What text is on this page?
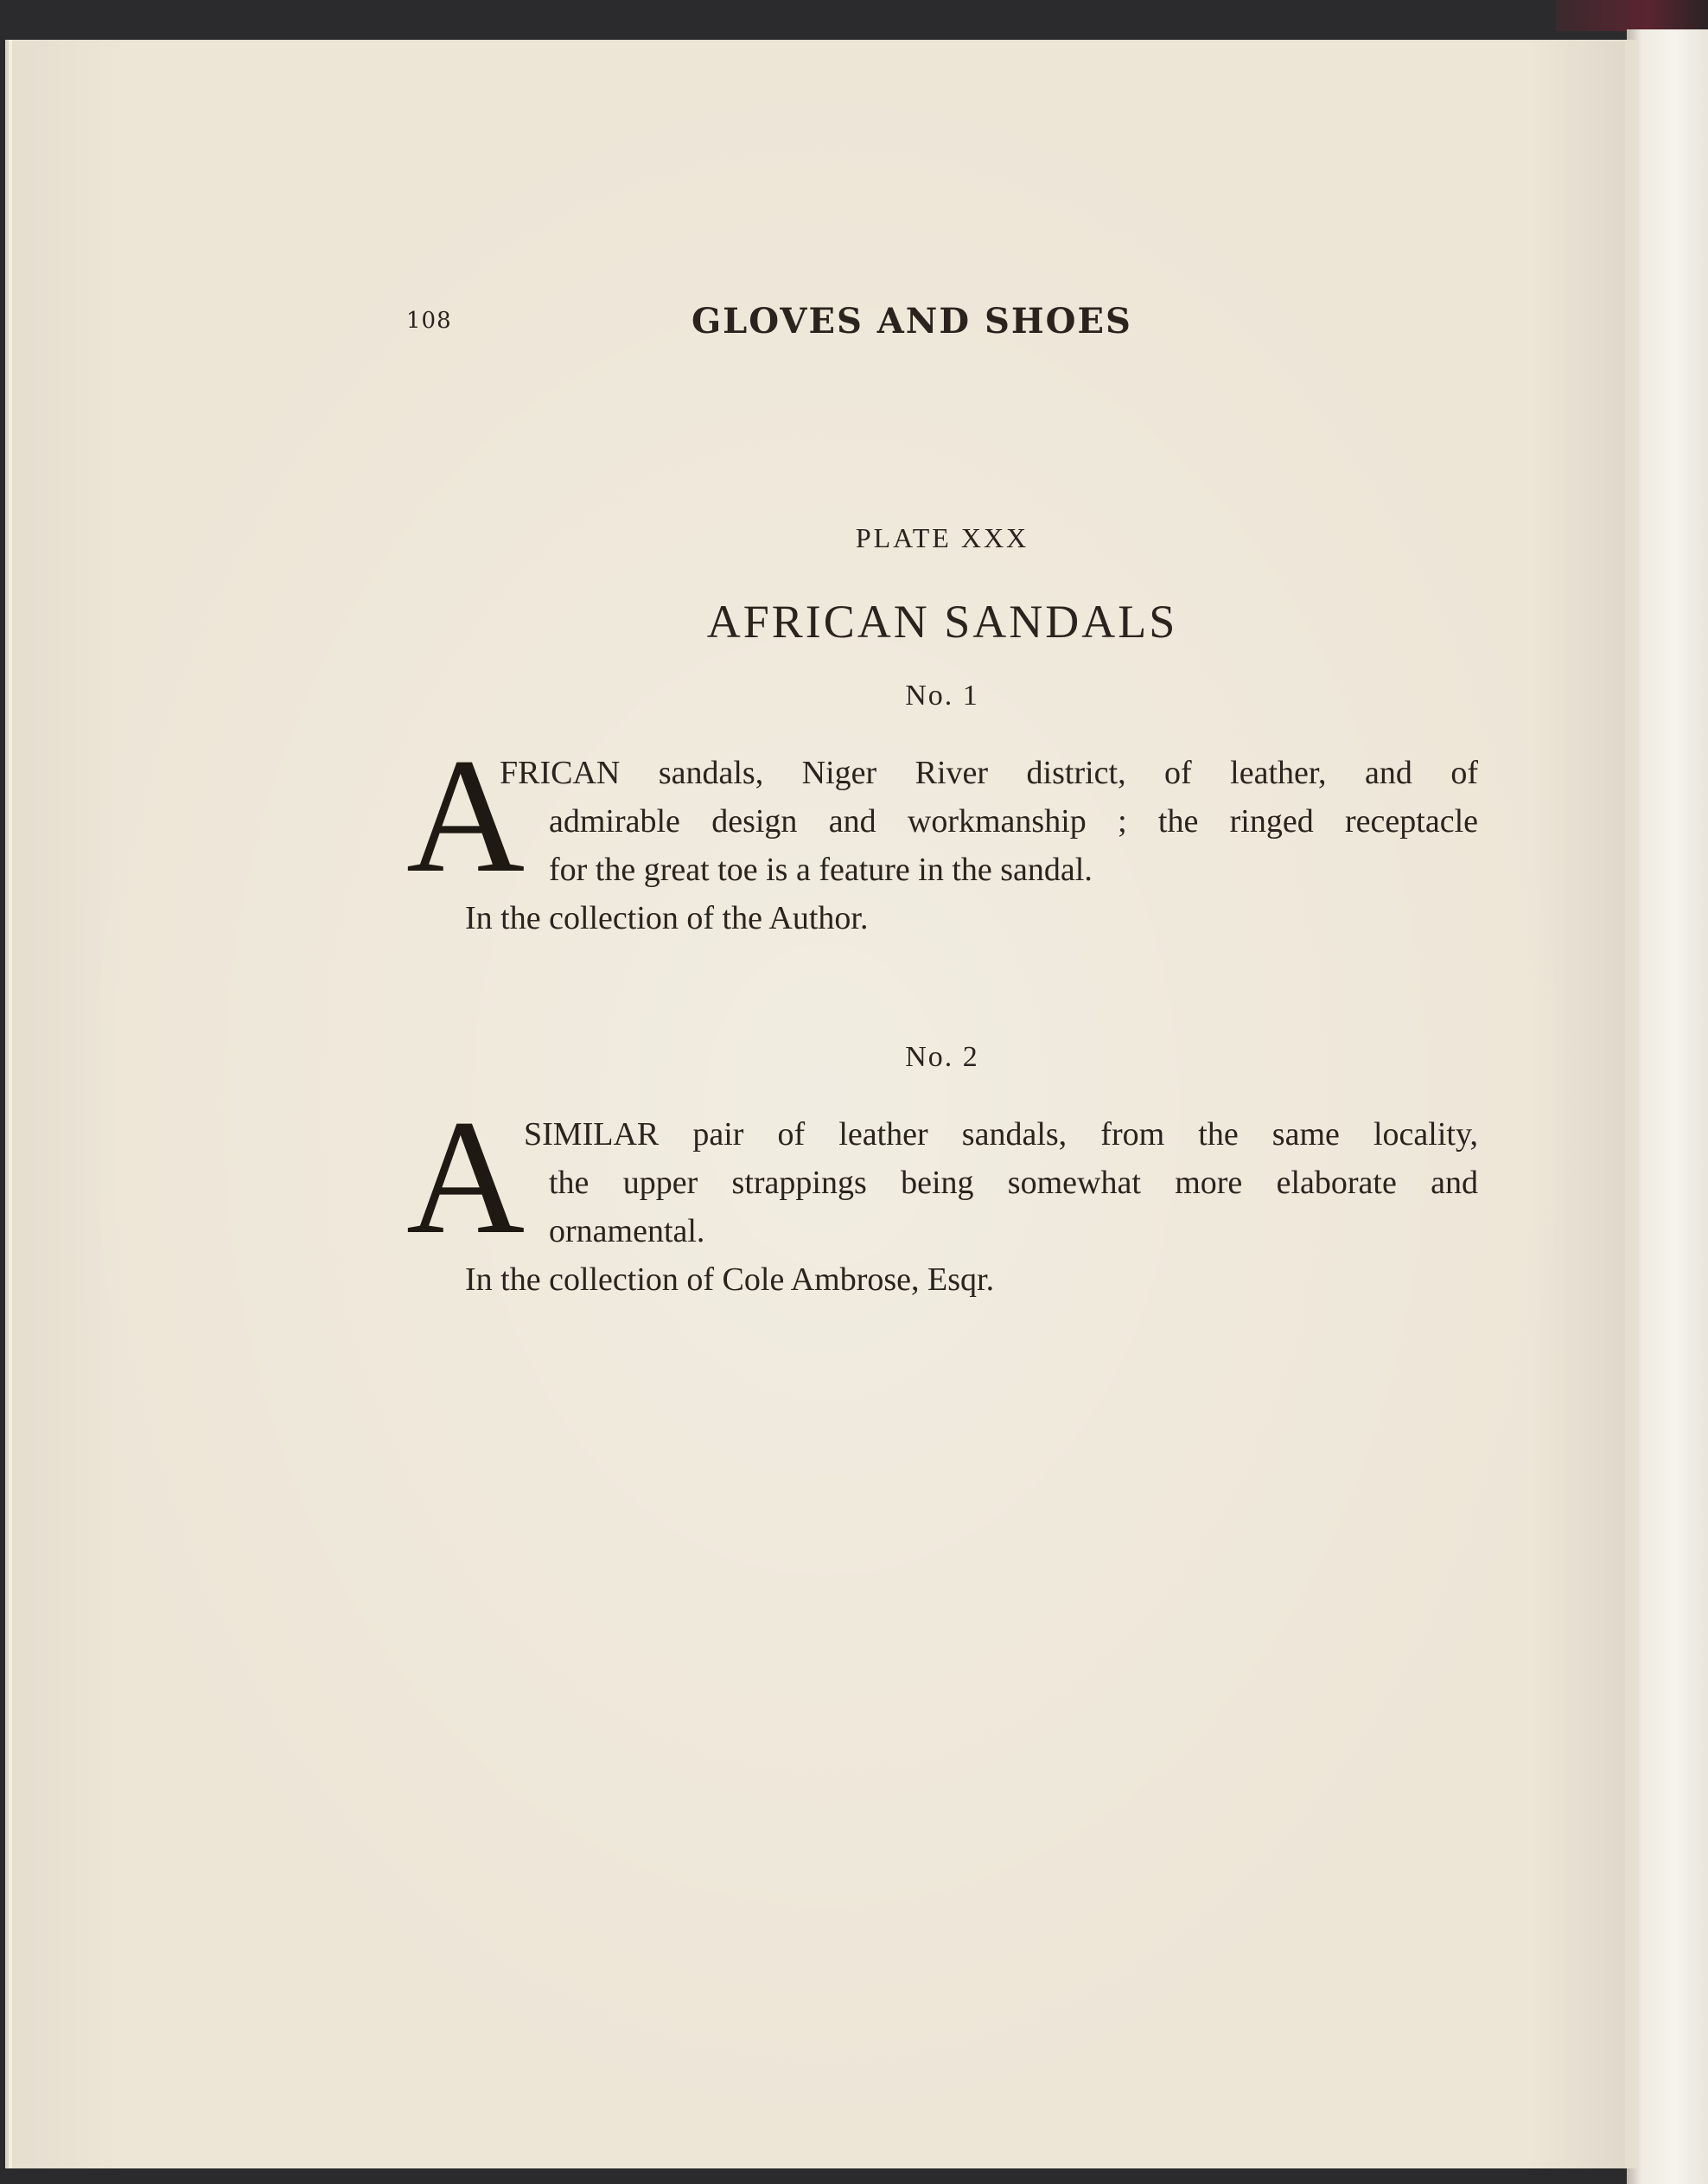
108	GLOVES AND SHOES
PLATE XXX
AFRICAN SANDALS
No. 1
A
FRICAN sandals, Niger River district, of leather, and of
admirable design and workmanship ; the ringed receptacle
for the great toe is a feature in the sandal.
In the collection of the Author.
No. 2
A
SIMILAR pair of leather sandals, from the same locality,
the upper strappings being somewhat more elaborate and
ornamental.
In the collection of Cole Ambrose, Esqr.
